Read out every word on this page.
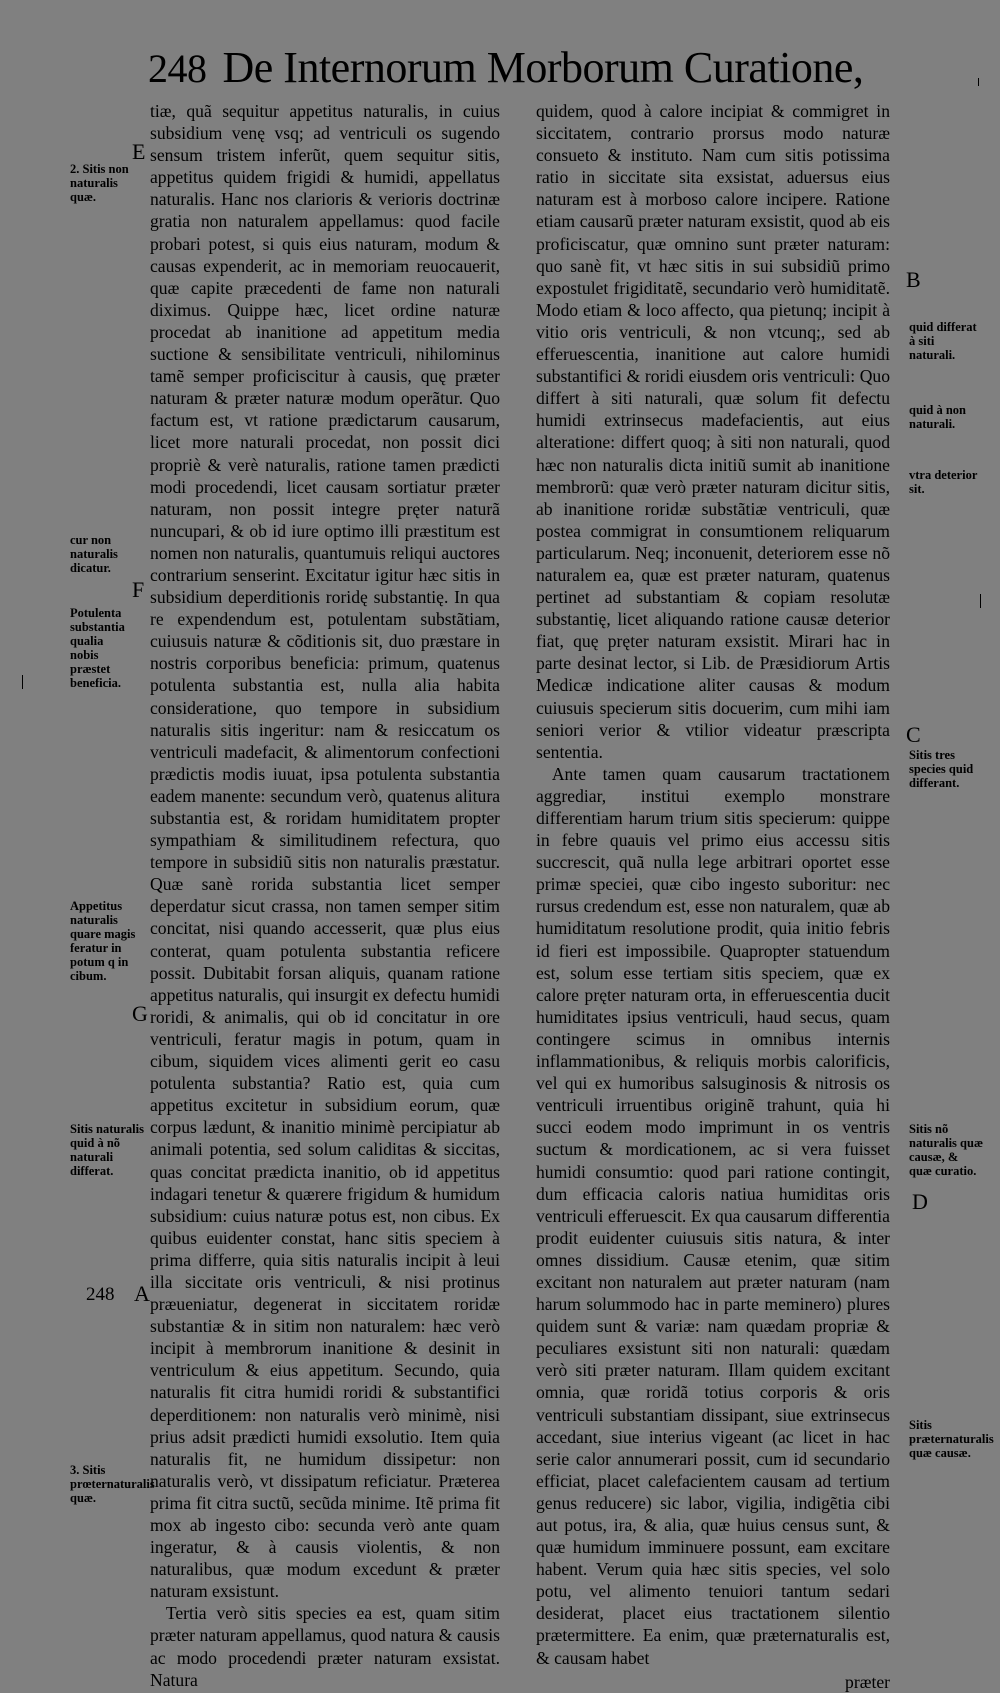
248 De Internorum Morborum Curatione,

tiæ, quã sequitur appetitus naturalis, in cuius subsidium venę vsq; ad ventriculi os sugendo sensum tristem inferũt, quem sequitur sitis, appetitus quidem frigidi & humidi, appellatus naturalis. Hanc nos clarioris & verioris doctrinæ gratia non naturalem appellamus: quod facile probari potest, si quis eius naturam, modum & causas expenderit, ac in memoriam reuocauerit, quæ capite præcedenti de fame non naturali diximus. Quippe hæc, licet ordine naturæ procedat ab inanitione ad appetitum media suctione & sensibilitate ventriculi, nihilominus tamẽ semper proficiscitur à causis, quę præter naturam & præter naturæ modum operãtur. Quo factum est, vt ratione prædictarum causarum, licet more naturali procedat, non possit dici propriè & verè naturalis, ratione tamen prædicti modi procedendi, licet causam sortiatur præter naturam, non possit integre pręter naturã nuncupari, & ob id iure optimo illi præstitum est nomen non naturalis, quantumuis reliqui auctores contrarium senserint. Excitatur igitur hæc sitis in subsidium deperditionis roridę substantię. In qua re expendendum est, potulentam substãtiam, cuiusuis naturæ & cõditionis sit, duo præstare in nostris corporibus beneficia: primum, quatenus potulenta substantia est, nulla alia habita consideratione, quo tempore in subsidium naturalis sitis ingeritur: nam & resiccatum os ventriculi madefacit, & alimentorum confectioni prædictis modis iuuat, ipsa potulenta substantia eadem manente: secundum verò, quatenus alitura substantia est, & roridam humiditatem propter sympathiam & similitudinem refectura, quo tempore in subsidiũ sitis non naturalis præstatur. Quæ sanè rorida substantia licet semper deperdatur sicut crassa, non tamen semper sitim concitat, nisi quando accesserit, quæ plus eius conterat, quam potulenta substantia reficere possit. Dubitabit forsan aliquis, quanam ratione appetitus naturalis, qui insurgit ex defectu humidi roridi, & animalis, qui ob id concitatur in ore ventriculi, feratur magis in potum, quam in cibum, siquidem vices alimenti gerit eo casu potulenta substantia? Ratio est, quia cum appetitus excitetur in subsidium eorum, quæ corpus lædunt, & inanitio minimè percipiatur ab animali potentia, sed solum caliditas & siccitas, quas concitat prædicta inanitio, ob id appetitus indagari tenetur & quærere frigidum & humidum subsidium: cuius naturæ potus est, non cibus. Ex quibus euidenter constat, hanc sitis speciem à prima differre, quia sitis naturalis incipit à leui illa siccitate oris ventriculi, & nisi protinus præueniatur, degenerat in siccitatem roridæ substantiæ & in sitim non naturalem: hæc verò incipit à membrorum inanitione & desinit in ventriculum & eius appetitum. Secundo, quia naturalis fit citra humidi roridi & substantifici deperditionem: non naturalis verò minimè, nisi prius adsit prædicti humidi exsolutio. Item quia naturalis fit, ne humidum dissipetur: non naturalis verò, vt dissipatum reficiatur. Præterea prima fit citra suctũ, secũda minime. Itẽ prima fit mox ab ingesto cibo: secunda verò ante quam ingeratur, & à causis violentis, & non naturalibus, quæ modum excedunt & præter naturam exsistunt.

Tertia verò sitis species ea est, quam sitim præter naturam appellamus, quod natura & causis ac modo procedendi præter naturam exsistat. Natura

quidem, quod à calore incipiat & commigret in siccitatem, contrario prorsus modo naturæ consueto & instituto. Nam cum sitis potissima ratio in siccitate sita exsistat, aduersus eius naturam est à morboso calore incipere. Ratione etiam causarũ præter naturam exsistit, quod ab eis proficiscatur, quæ omnino sunt præter naturam: quo sanè fit, vt hæc sitis in sui subsidiũ primo expostulet frigiditatẽ, secundario verò humiditatẽ. Modo etiam & loco affecto, qua pietunq; incipit à vitio oris ventriculi, & non vtcunq;, sed ab efferuescentia, inanitione aut calore humidi substantifici & roridi eiusdem oris ventriculi: Quo differt à siti naturali, quæ solum fit defectu humidi extrinsecus madefacientis, aut eius alteratione: differt quoq; à siti non naturali, quod hæc non naturalis dicta initiũ sumit ab inanitione membrorũ: quæ verò præter naturam dicitur sitis, ab inanitione roridæ substãtiæ ventriculi, quæ postea commigrat in consumtionem reliquarum particularum. Neq; inconuenit, deteriorem esse nõ naturalem ea, quæ est præter naturam, quatenus pertinet ad substantiam & copiam resolutæ substantię, licet aliquando ratione causæ deterior fiat, quę pręter naturam exsistit. Mirari hac in parte desinat lector, si Lib. de Præsidiorum Artis Medicæ indicatione aliter causas & modum cuiusuis specierum sitis docuerim, cum mihi iam seniori verior & vtilior videatur præscripta sententia.

Ante tamen quam causarum tractationem aggrediar, institui exemplo monstrare differentiam harum trium sitis specierum: quippe in febre quauis vel primo eius accessu sitis succrescit, quã nulla lege arbitrari oportet esse primæ speciei, quæ cibo ingesto suboritur: nec rursus credendum est, esse non naturalem, quæ ab humiditatum resolutione prodit, quia initio febris id fieri est impossibile. Quapropter statuendum est, solum esse tertiam sitis speciem, quæ ex calore pręter naturam orta, in efferuescentia ducit humiditates ipsius ventriculi, haud secus, quam contingere scimus in omnibus internis inflammationibus, & reliquis morbis calorificis, vel qui ex humoribus salsuginosis & nitrosis os ventriculi irruentibus originẽ trahunt, quia hi succi eodem modo imprimunt in os ventris suctum & mordicationem, ac si vera fuisset humidi consumtio: quod pari ratione contingit, dum efficacia caloris natiua humiditas oris ventriculi efferuescit. Ex qua causarum differentia prodit euidenter cuiusuis sitis natura, & inter omnes dissidium. Causæ etenim, quæ sitim excitant non naturalem aut præter naturam (nam harum solummodo hac in parte meminero) plures quidem sunt & variæ: nam quædam propriæ & peculiares exsistunt siti non naturali: quædam verò siti præter naturam. Illam quidem excitant omnia, quæ roridã totius corporis & oris ventriculi substantiam dissipant, siue extrinsecus accedant, siue interius vigeant (ac licet in hac serie calor annumerari possit, cum id secundario efficiat, placet calefacientem causam ad tertium genus reducere) sic labor, vigilia, indigẽtia cibi aut potus, ira, & alia, quæ huius census sunt, & quæ humidum imminuere possunt, eam excitare habent. Verum quia hæc sitis species, vel solo potu, vel alimento tenuiori tantum sedari desiderat, placet eius tractationem silentio prætermittere. Ea enim, quæ præternaturalis est, & causam habet

præter

2. Sitis non naturalis quæ.
cur non naturalis dicatur.
Potulenta substantia qualia nobis præstet beneficia.
Appetitus naturalis quare magis feratur in potum q in cibum.
Sitis naturalis quid à nõ naturali differat.
3. Sitis prœternaturalis quæ.
quid differat à siti naturali.
quid à non naturali.
vtra deterior sit.
Sitis tres species quid differant.
Sitis nõ naturalis quæ causæ, & quæ curatio.
Sitis præternaturalis quæ causæ.
E
F
G
A
B
C
D
248
